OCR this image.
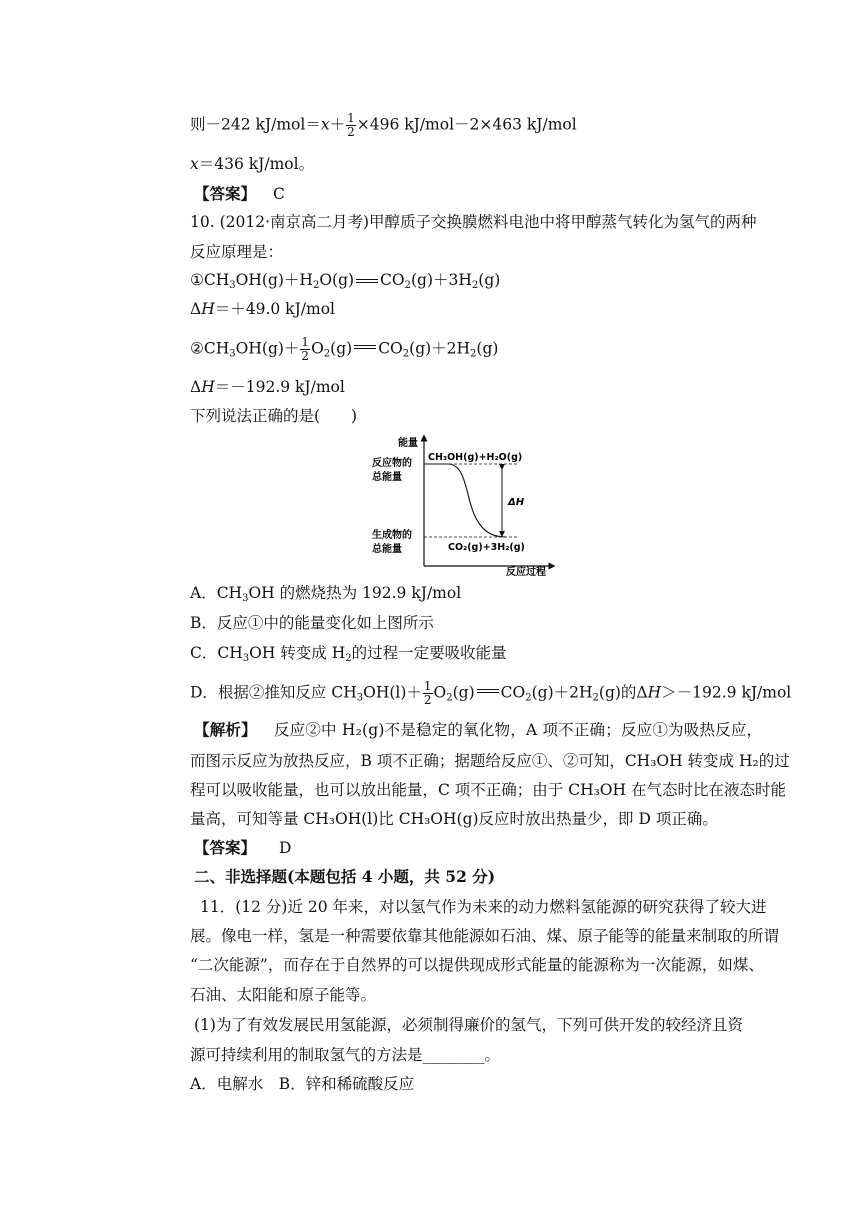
则－242 $kJ/mol=x+ \frac{1}{2} \times 496$ kJ/mol－2×463 kJ/mol
x＝436 kJ/mol。
【答案】 C
10. (2012·南京高二月考)甲醇质子交换膜燃料电池中将甲醇蒸气转化为氢气的两种
反应原理是：
$①CH_3OH(g)+H_2O(g)$ $CO_2(g)+3H_2(g)$
ΔH＝＋49.0 kJ/mol
$②CH_3OH(g)+ \frac{1}{2} O_2(g)$ $CO_2(g)+2H_2(g)$
ΔH＝－192.9 kJ/mol
下列说法正确的是(　　)
能量
反应物的
总能量
生成物的
总能量
CH₃OH(g)+H₂O(g)
CO₂(g)+3H₂(g)
ΔH
反应过程
A．$CH_3OH$ 的燃烧热为 192.9 kJ/mol
B．反应①中的能量变化如上图所示
C．$CH_3OH$ 转变成 $H_2$的过程一定要吸收能量
D．根据②推知反应 $CH_3OH(l)+ \frac{1}{2} O_2(g)$ $CO_2(g)+2H_2(g)$的ΔH＞－192.9 kJ/mol
【解析】 反应②中 H₂(g)不是稳定的氧化物，A 项不正确；反应①为吸热反应，
而图示反应为放热反应，B 项不正确；据题给反应①、②可知，CH₃OH 转变成 H₂的过
程可以吸收能量，也可以放出能量，C 项不正确；由于 CH₃OH 在气态时比在液态时能
量高，可知等量 CH₃OH(l)比 CH₃OH(g)反应时放出热量少，即 D 项正确。
【答案】 D
二、非选择题(本题包括 4 小题，共 52 分)
11．(12 分)近 20 年来，对以氢气作为未来的动力燃料氢能源的研究获得了较大进
展。像电一样，氢是一种需要依靠其他能源如石油、煤、原子能等的能量来制取的所谓
“二次能源”，而存在于自然界的可以提供现成形式能量的能源称为一次能源，如煤、
石油、太阳能和原子能等。
(1)为了有效发展民用氢能源，必须制得廉价的氢气，下列可供开发的较经济且资
源可持续利用的制取氢气的方法是________。
A．电解水　B．锌和稀硫酸反应
